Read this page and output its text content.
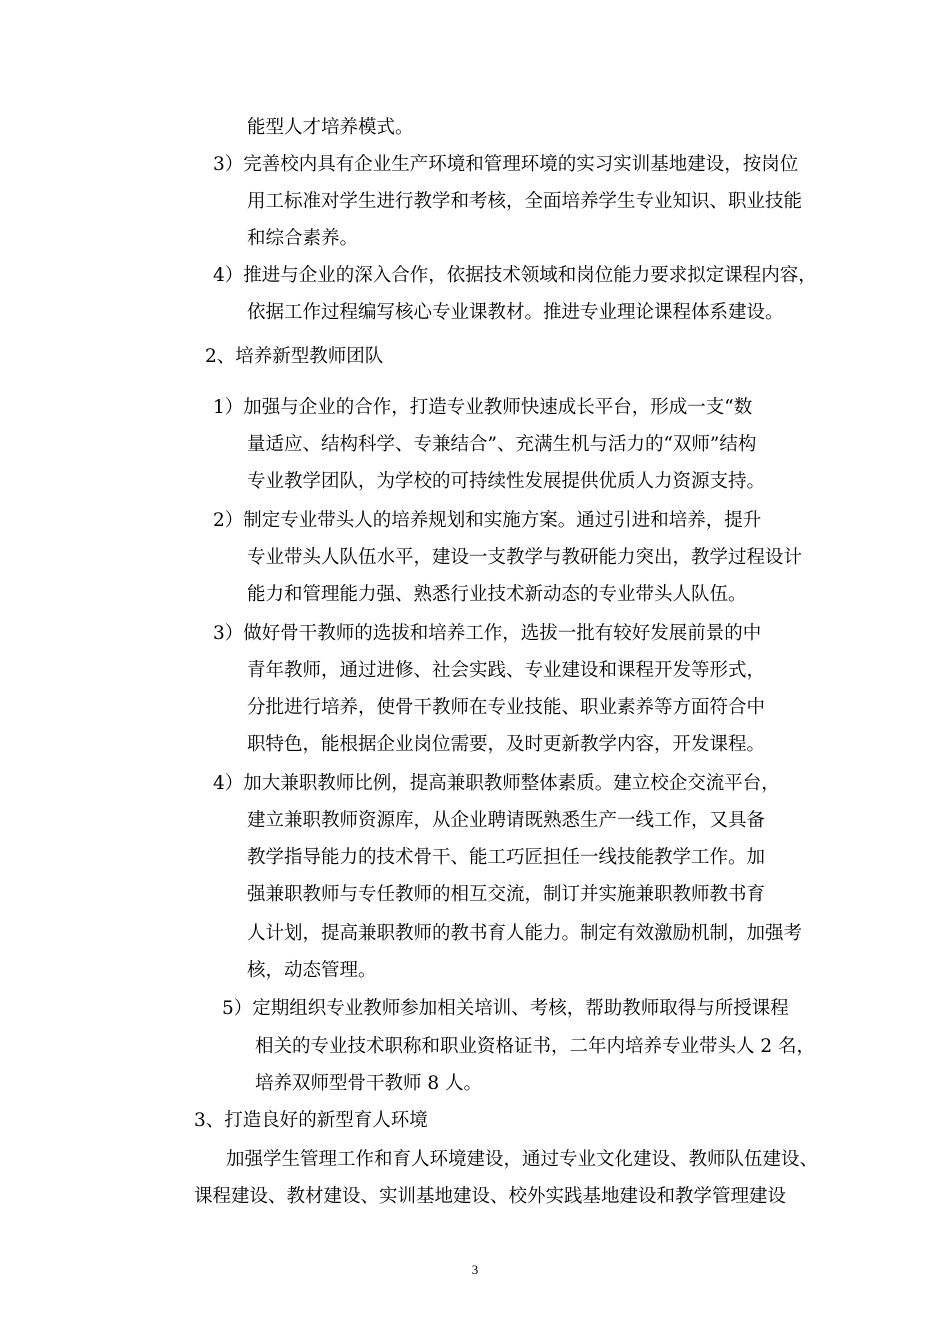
能型人才培养模式。
3）完善校内具有企业生产环境和管理环境的实习实训基地建设，按岗位
用工标准对学生进行教学和考核，全面培养学生专业知识、职业技能
和综合素养。
4）推进与企业的深入合作，依据技术领域和岗位能力要求拟定课程内容，
依据工作过程编写核心专业课教材。推进专业理论课程体系建设。
2、培养新型教师团队
1）加强与企业的合作，打造专业教师快速成长平台，形成一支“数
量适应、结构科学、专兼结合”、充满生机与活力的“双师”结构
专业教学团队，为学校的可持续性发展提供优质人力资源支持。
2）制定专业带头人的培养规划和实施方案。通过引进和培养，提升
专业带头人队伍水平，建设一支教学与教研能力突出，教学过程设计
能力和管理能力强、熟悉行业技术新动态的专业带头人队伍。
3）做好骨干教师的选拔和培养工作，选拔一批有较好发展前景的中
青年教师，通过进修、社会实践、专业建设和课程开发等形式，
分批进行培养，使骨干教师在专业技能、职业素养等方面符合中
职特色，能根据企业岗位需要，及时更新教学内容，开发课程。
4）加大兼职教师比例，提高兼职教师整体素质。建立校企交流平台，
建立兼职教师资源库，从企业聘请既熟悉生产一线工作，又具备
教学指导能力的技术骨干、能工巧匠担任一线技能教学工作。加
强兼职教师与专任教师的相互交流，制订并实施兼职教师教书育
人计划，提高兼职教师的教书育人能力。制定有效激励机制，加强考
核，动态管理。
5）定期组织专业教师参加相关培训、考核，帮助教师取得与所授课程
相关的专业技术职称和职业资格证书，二年内培养专业带头人 2 名，
培养双师型骨干教师 8 人。
3、打造良好的新型育人环境
加强学生管理工作和育人环境建设，通过专业文化建设、教师队伍建设、
课程建设、教材建设、实训基地建设、校外实践基地建设和教学管理建设
3
